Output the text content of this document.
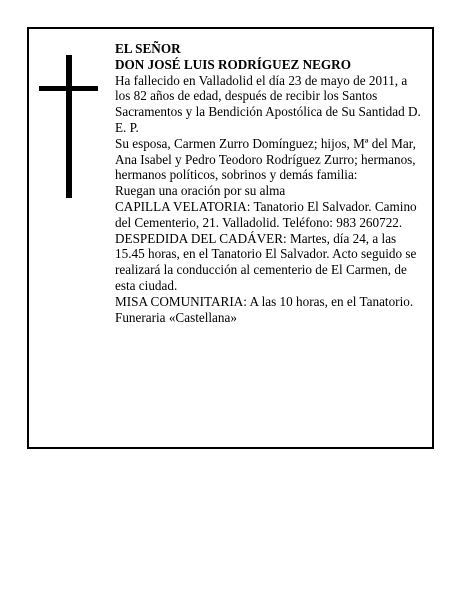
EL SEÑOR

DON JOSÉ LUIS RODRÍGUEZ NEGRO

Ha fallecido en Valladolid el día 23 de mayo de 2011, a los 82 años de edad, después de recibir los Santos Sacramentos y la Bendición Apostólica de Su Santidad D. E. P.

Su esposa, Carmen Zurro Domínguez; hijos, Mª del Mar, Ana Isabel y Pedro Teodoro Rodríguez Zurro; hermanos, hermanos políticos, sobrinos y demás familia:

Ruegan una oración por su alma

CAPILLA VELATORIA: Tanatorio El Salvador. Camino del Cementerio, 21. Valladolid. Teléfono: 983 260722.

DESPEDIDA DEL CADÁVER: Martes, día 24, a las 15.45 horas, en el Tanatorio El Salvador. Acto seguido se realizará la conducción al cementerio de El Carmen, de esta ciudad.

MISA COMUNITARIA: A las 10 horas, en el Tanatorio.

Funeraria «Castellana»
